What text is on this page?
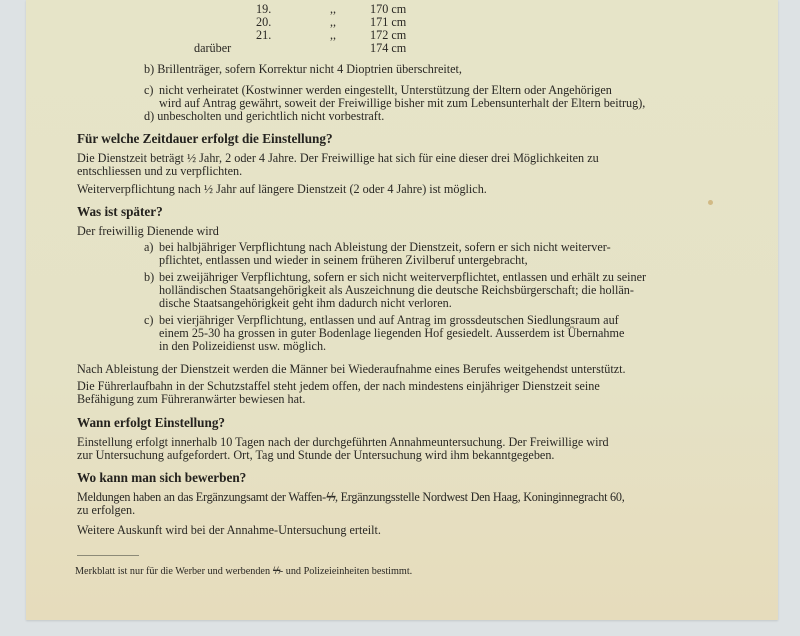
19.	,,	170 cm
20.	,,	171 cm
21.	,,	172 cm
darüber	174 cm
b) Brillenträger, sofern Korrektur nicht 4 Dioptrien überschreitet,
c) nicht verheiratet (Kostwinner werden eingestellt, Unterstützung der Eltern oder Angehörigen
wird auf Antrag gewährt, soweit der Freiwillige bisher mit zum Lebensunterhalt der Eltern beitrug),
d) unbescholten und gerichtlich nicht vorbestraft.
Für welche Zeitdauer erfolgt die Einstellung?
Die Dienstzeit beträgt ½ Jahr, 2 oder 4 Jahre. Der Freiwillige hat sich für eine dieser drei Möglichkeiten zu
entschliessen und zu verpflichten.
Weiterverpflichtung nach ½ Jahr auf längere Dienstzeit (2 oder 4 Jahre) ist möglich.
Was ist später?
Der freiwillig Dienende wird
a) bei halbjähriger Verpflichtung nach Ableistung der Dienstzeit, sofern er sich nicht weiterver-
pflichtet, entlassen und wieder in seinem früheren Zivilberuf untergebracht,
b) bei zweijähriger Verpflichtung, sofern er sich nicht weiterverpflichtet, entlassen und erhält zu seiner
holländischen Staatsangehörigkeit als Auszeichnung die deutsche Reichsbürgerschaft; die hollän-
dische Staatsangehörigkeit geht ihm dadurch nicht verloren.
c) bei vierjähriger Verpflichtung, entlassen und auf Antrag im grossdeutschen Siedlungsraum auf
einem 25-30 ha grossen in guter Bodenlage liegenden Hof gesiedelt. Ausserdem ist Übernahme
in den Polizeidienst usw. möglich.
Nach Ableistung der Dienstzeit werden die Männer bei Wiederaufnahme eines Berufes weitgehendst unterstützt.
Die Führerlaufbahn in der Schutzstaffel steht jedem offen, der nach mindestens einjähriger Dienstzeit seine
Befähigung zum Führeranwärter bewiesen hat.
Wann erfolgt Einstellung?
Einstellung erfolgt innerhalb 10 Tagen nach der durchgeführten Annahmeuntersuchung. Der Freiwillige wird
zur Untersuchung aufgefordert. Ort, Tag und Stunde der Untersuchung wird ihm bekanntgegeben.
Wo kann man sich bewerben?
Meldungen haben an das Ergänzungsamt der Waffen-ϟϟ, Ergänzungsstelle Nordwest Den Haag, Koninginnegracht 60,
zu erfolgen.
Weitere Auskunft wird bei der Annahme-Untersuchung erteilt.
Merkblatt ist nur für die Werber und werbenden ϟϟ- und Polizeieinheiten bestimmt.
